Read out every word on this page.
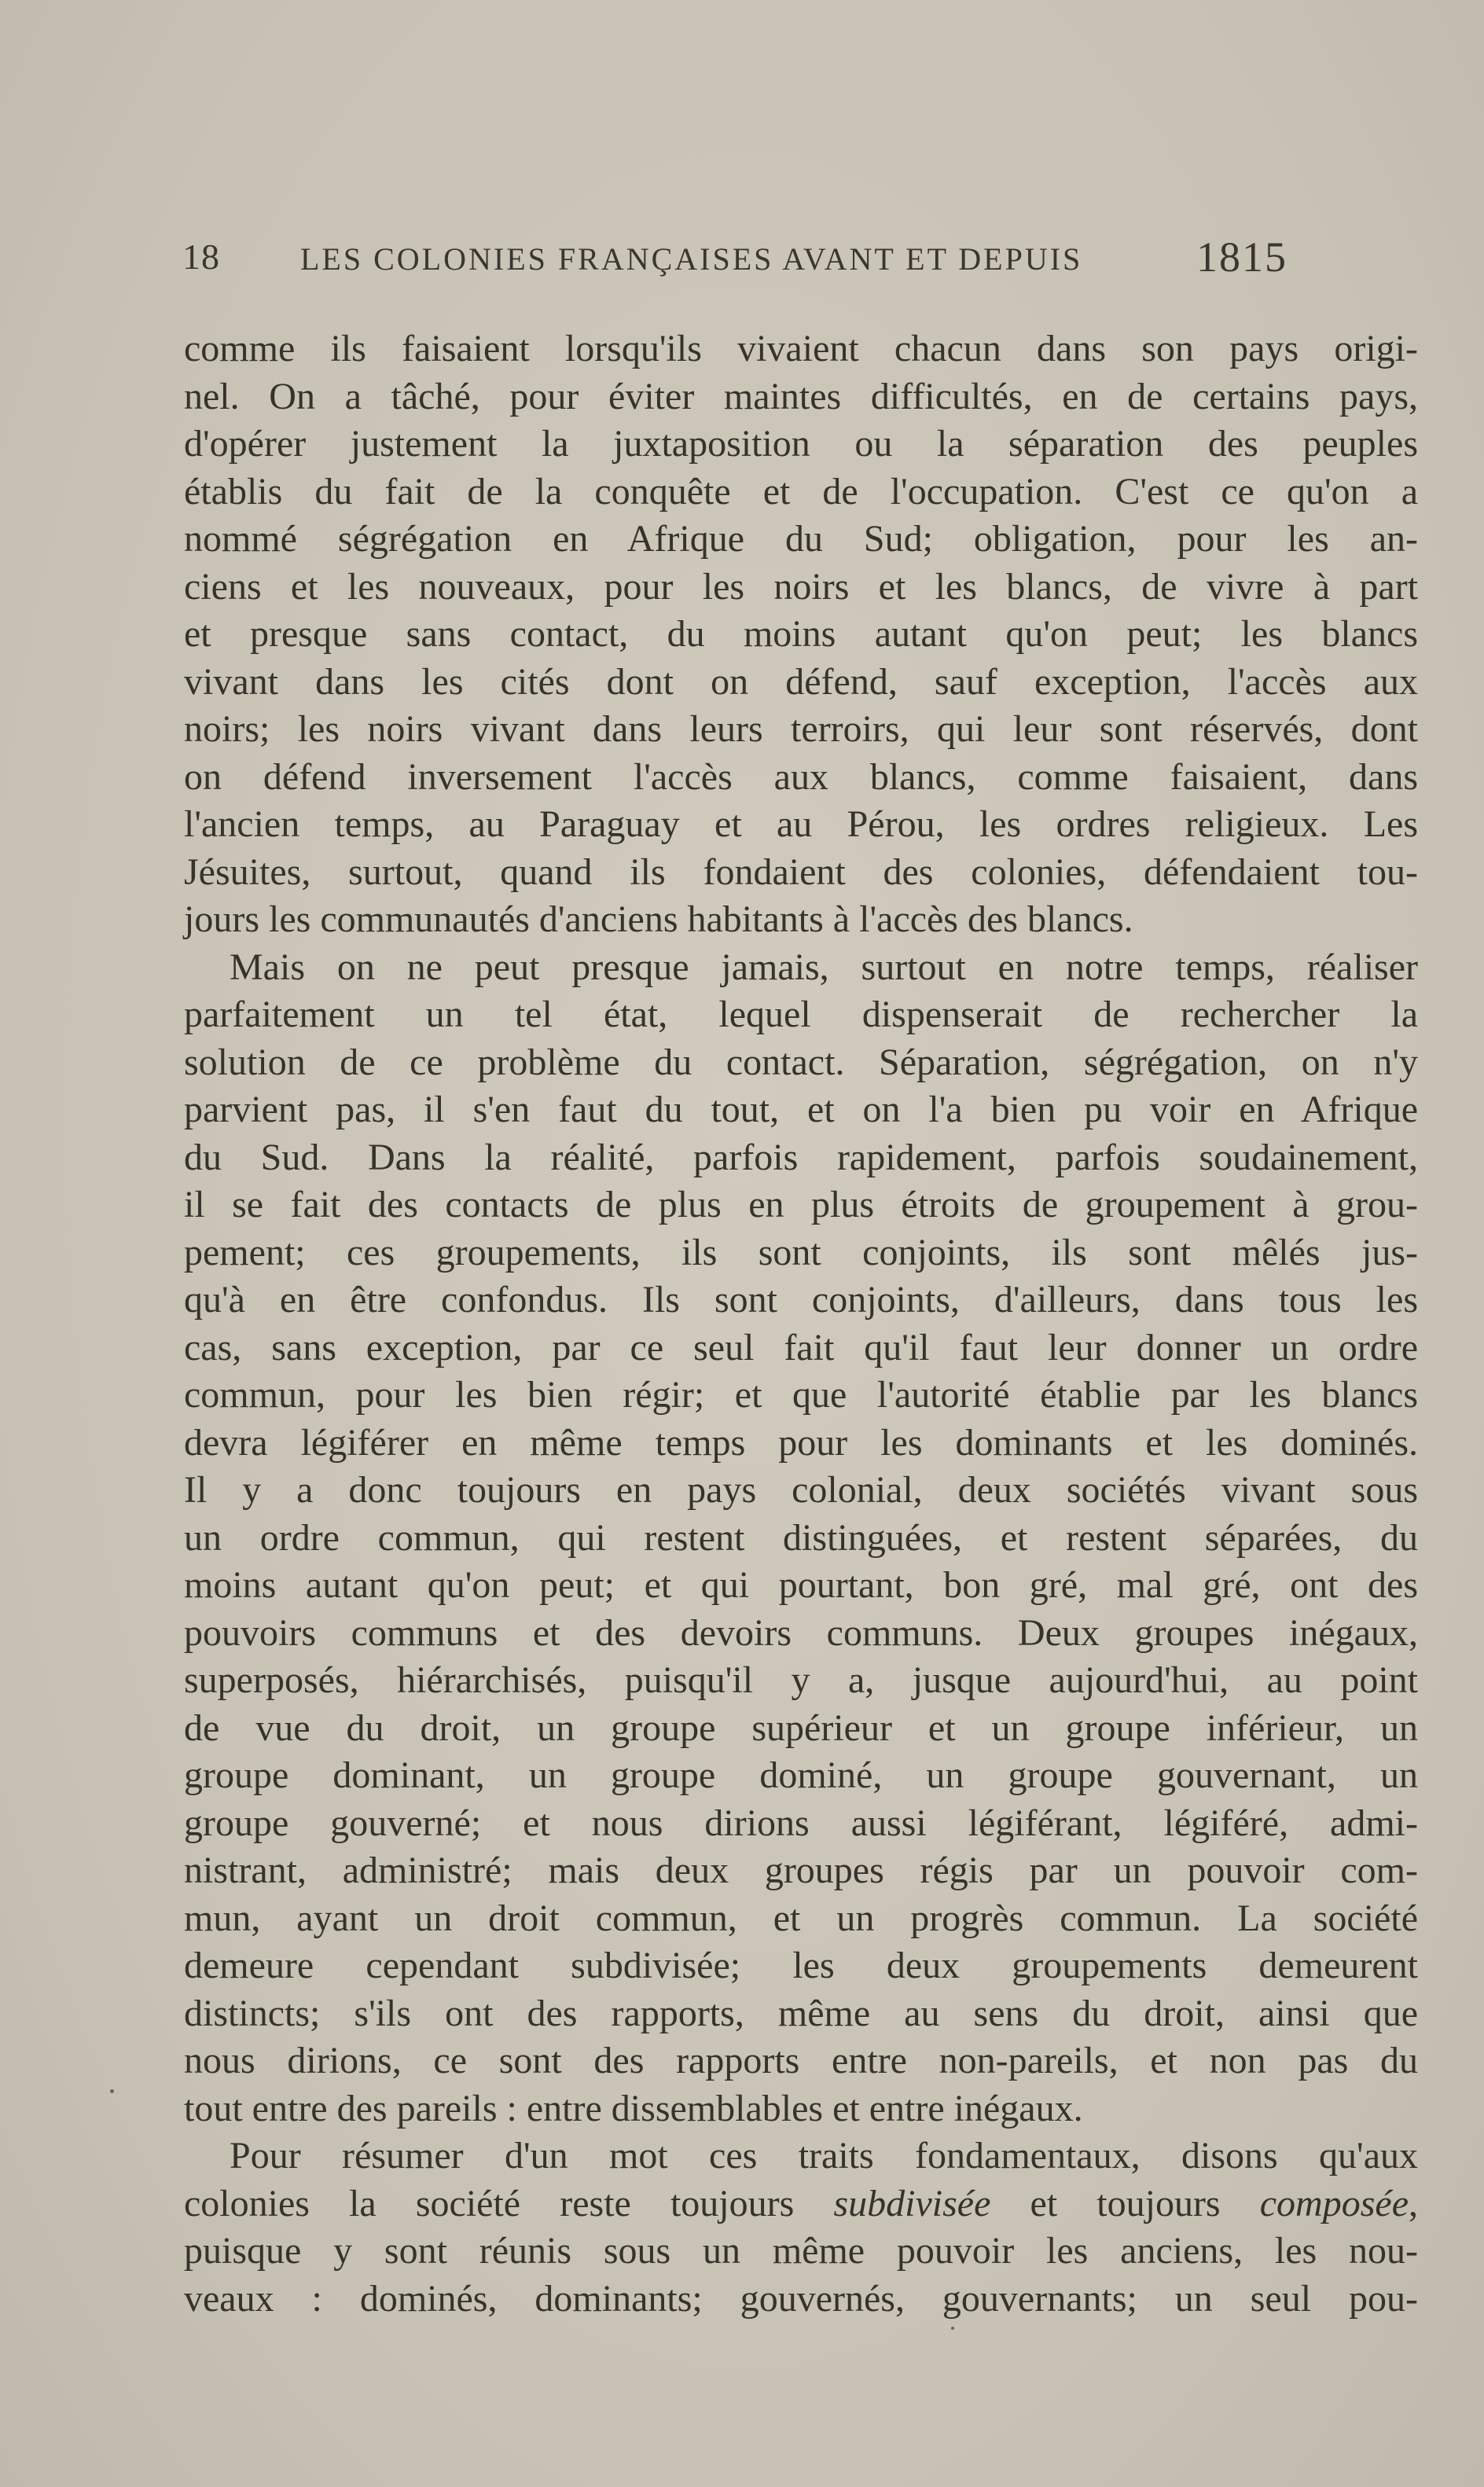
18	LES COLONIES FRANÇAISES AVANT ET DEPUIS	1815
comme ils faisaient lorsqu'ils vivaient chacun dans son pays origi-
nel. On a tâché, pour éviter maintes difficultés, en de certains pays,
d'opérer justement la juxtaposition ou la séparation des peuples
établis du fait de la conquête et de l'occupation. C'est ce qu'on a
nommé ségrégation en Afrique du Sud; obligation, pour les an-
ciens et les nouveaux, pour les noirs et les blancs, de vivre à part
et presque sans contact, du moins autant qu'on peut; les blancs
vivant dans les cités dont on défend, sauf exception, l'accès aux
noirs; les noirs vivant dans leurs terroirs, qui leur sont réservés, dont
on défend inversement l'accès aux blancs, comme faisaient, dans
l'ancien temps, au Paraguay et au Pérou, les ordres religieux. Les
Jésuites, surtout, quand ils fondaient des colonies, défendaient tou-
jours les communautés d'anciens habitants à l'accès des blancs.
Mais on ne peut presque jamais, surtout en notre temps, réaliser
parfaitement un tel état, lequel dispenserait de rechercher la
solution de ce problème du contact. Séparation, ségrégation, on n'y
parvient pas, il s'en faut du tout, et on l'a bien pu voir en Afrique
du Sud. Dans la réalité, parfois rapidement, parfois soudainement,
il se fait des contacts de plus en plus étroits de groupement à grou-
pement; ces groupements, ils sont conjoints, ils sont mêlés jus-
qu'à en être confondus. Ils sont conjoints, d'ailleurs, dans tous les
cas, sans exception, par ce seul fait qu'il faut leur donner un ordre
commun, pour les bien régir; et que l'autorité établie par les blancs
devra légiférer en même temps pour les dominants et les dominés.
Il y a donc toujours en pays colonial, deux sociétés vivant sous
un ordre commun, qui restent distinguées, et restent séparées, du
moins autant qu'on peut; et qui pourtant, bon gré, mal gré, ont des
pouvoirs communs et des devoirs communs. Deux groupes inégaux,
superposés, hiérarchisés, puisqu'il y a, jusque aujourd'hui, au point
de vue du droit, un groupe supérieur et un groupe inférieur, un
groupe dominant, un groupe dominé, un groupe gouvernant, un
groupe gouverné; et nous dirions aussi légiférant, légiféré, admi-
nistrant, administré; mais deux groupes régis par un pouvoir com-
mun, ayant un droit commun, et un progrès commun. La société
demeure cependant subdivisée; les deux groupements demeurent
distincts; s'ils ont des rapports, même au sens du droit, ainsi que
nous dirions, ce sont des rapports entre non-pareils, et non pas du
tout entre des pareils : entre dissemblables et entre inégaux.
Pour résumer d'un mot ces traits fondamentaux, disons qu'aux
colonies la société reste toujours subdivisée et toujours composée,
puisque y sont réunis sous un même pouvoir les anciens, les nou-
veaux : dominés, dominants; gouvernés, gouvernants; un seul pou-
